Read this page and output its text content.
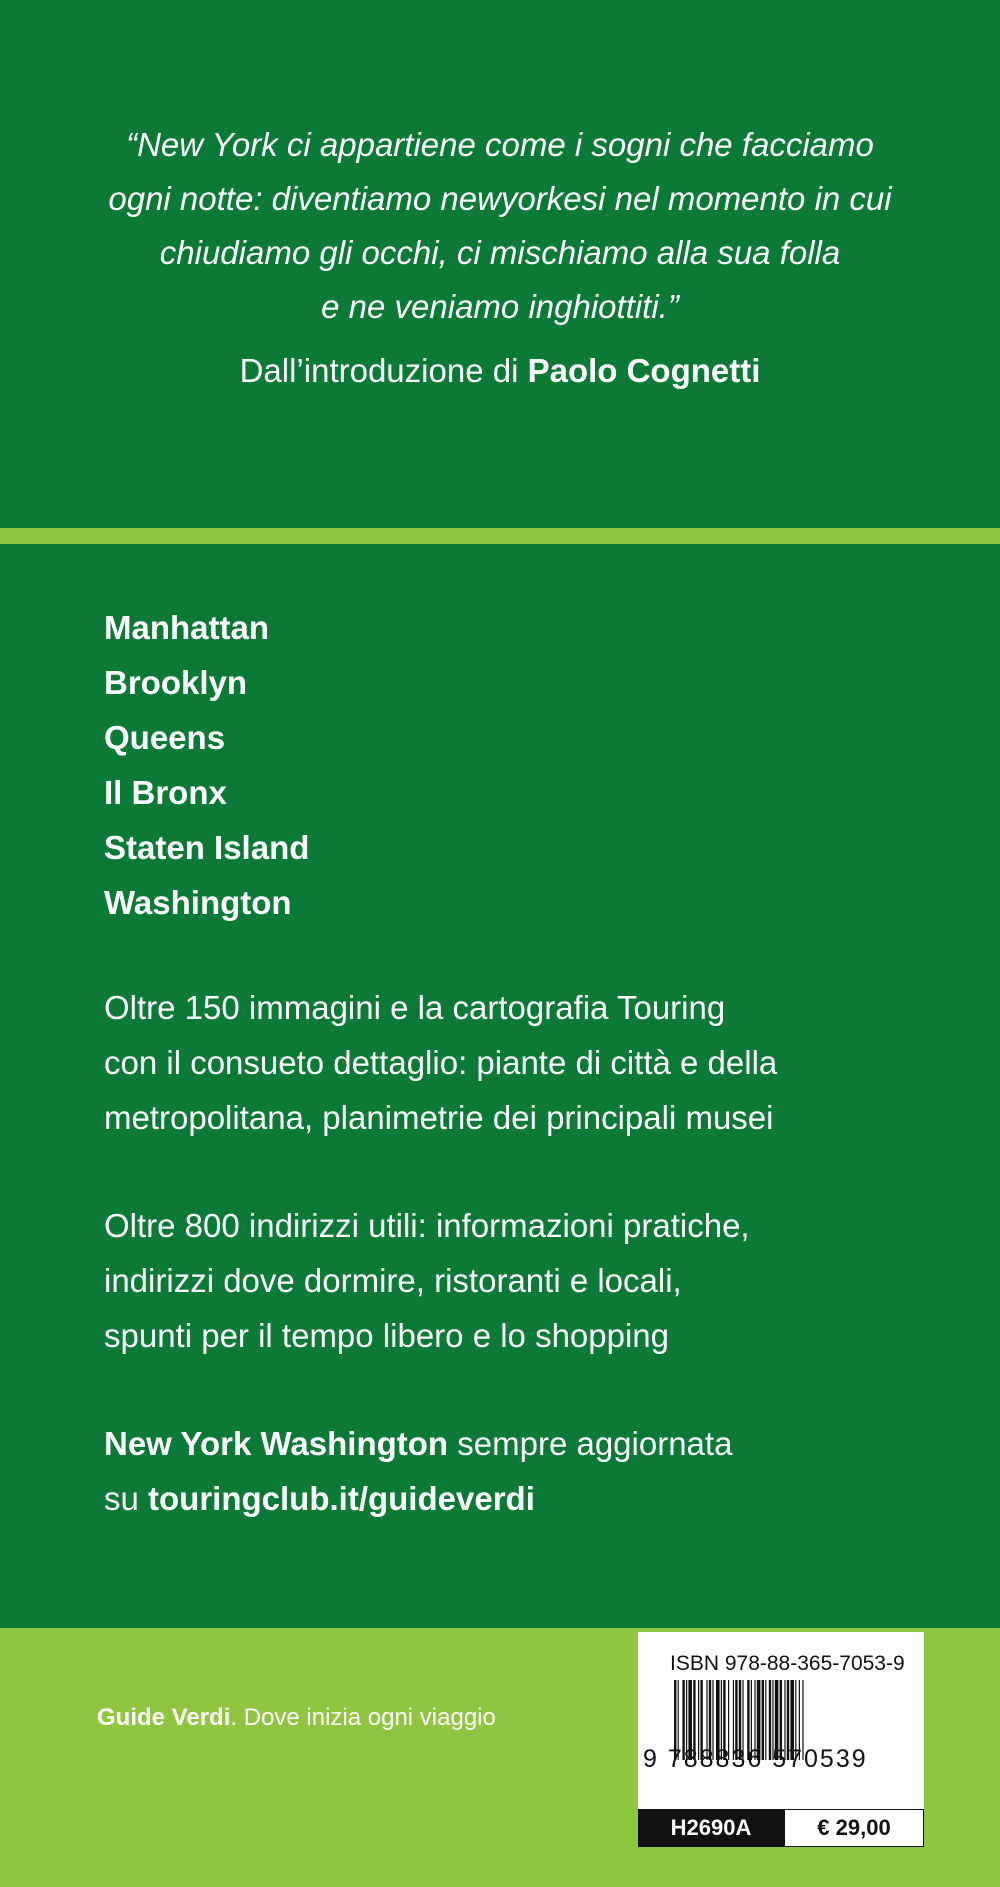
“New York ci appartiene come i sogni che facciamo
ogni notte: diventiamo newyorkesi nel momento in cui
chiudiamo gli occhi, ci mischiamo alla sua folla
e ne veniamo inghiottiti.”
Dall’introduzione di Paolo Cognetti
Manhattan
Brooklyn
Queens
Il Bronx
Staten Island
Washington
Oltre 150 immagini e la cartografia Touring
con il consueto dettaglio: piante di città e della
metropolitana, planimetrie dei principali musei
Oltre 800 indirizzi utili: informazioni pratiche,
indirizzi dove dormire, ristoranti e locali,
spunti per il tempo libero e lo shopping
New York Washington sempre aggiornata
su touringclub.it/guideverdi
Guide Verdi. Dove inizia ogni viaggio
ISBN 978-88-365-7053-9
9 788836 570539
H2690A	€ 29,00
